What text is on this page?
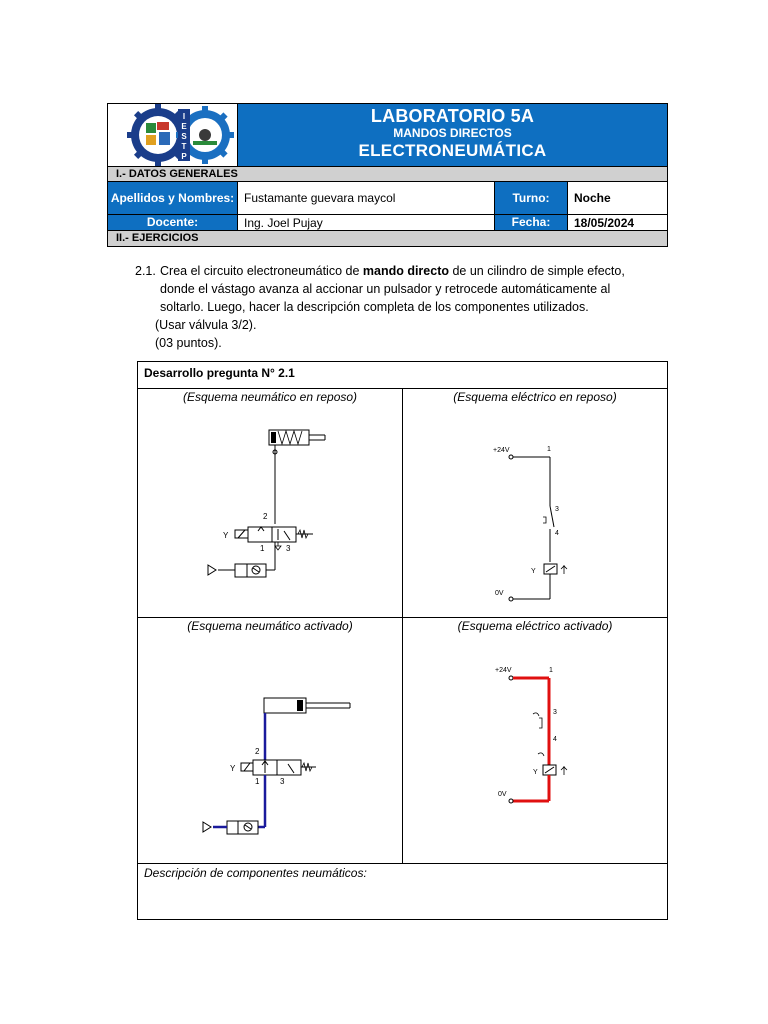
I
E
S
T
P
LABORATORIO 5A
MANDOS DIRECTOS
ELECTRONEUMÁTICA
I.- DATOS GENERALES
Apellidos y Nombres: Fustamante guevara maycol	Turno:	Noche
Docente:	Ing. Joel Pujay	Fecha:	18/05/2024
II.- EJERCICIOS
2.1. Crea el circuito electroneumático de mando directo de un cilindro de simple efecto,
donde el vástago avanza al accionar un pulsador y retrocede automáticamente al
soltarlo. Luego, hacer la descripción completa de los componentes utilizados.
(Usar válvula 3/2).
(03 puntos).
Desarrollo pregunta N° 2.1
2
Y
1	3
(Esquema neumático en reposo)
+24V	1
3
4
Y
0V
(Esquema eléctrico en reposo)
2
Y
1	3
(Esquema neumático activado)
+24V	1
3
4
Y
0V
(Esquema eléctrico activado)
Descripción de componentes neumáticos:
